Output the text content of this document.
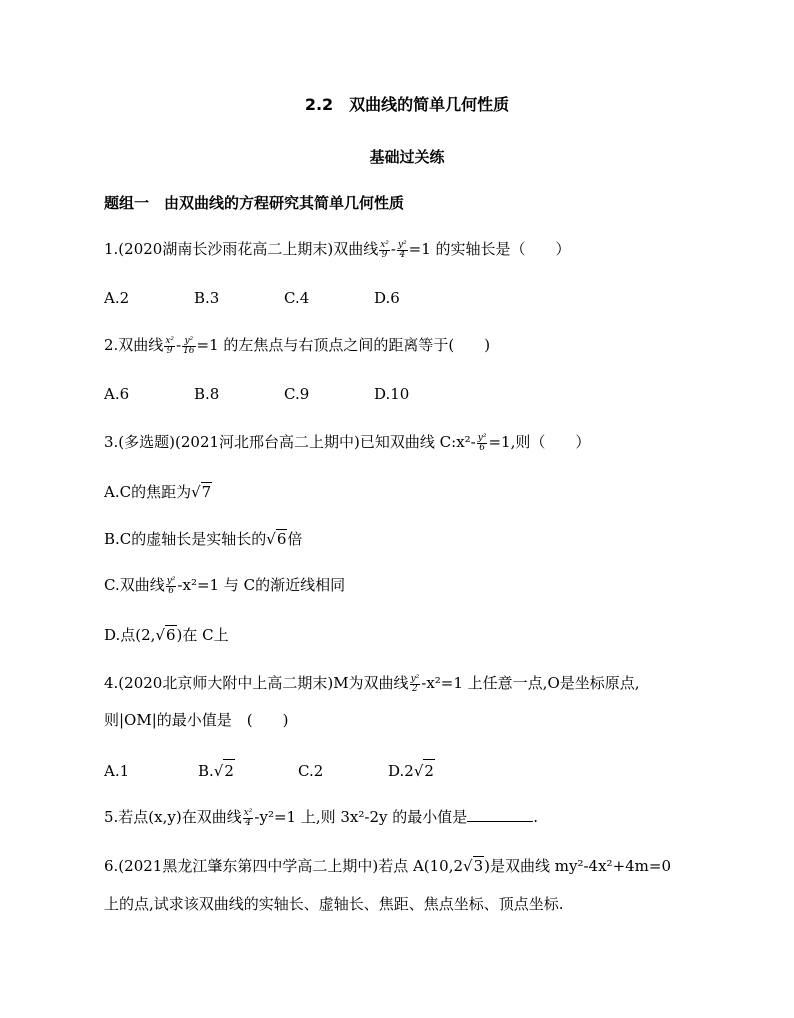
2.2　双曲线的简单几何性质
基础过关练
题组一　由双曲线的方程研究其简单几何性质
1.(2020湖南长沙雨花高二上期末)双曲线 $\frac{\text{x²}}{9} - \frac{\text{y²}}{4} =1$ 的实轴长是（　　）
A.2	B.3	C.4	D.6
2.双曲线 $\frac{\text{x²}}{9} - \frac{\text{y²}}{16} =1$ 的左焦点与右顶点之间的距离等于(　　)
A.6	B.8	C.9	D.10
3.(多选题)(2021河北邢台高二上期中)已知双曲线 C:x²- $\frac{\text{y²}}{6} =1$,则（　　）
A.C的焦距为√7
B.C的虚轴长是实轴长的√6倍
C.双曲线 $\frac{\text{y²}}{6} -x^2=1$ 与 C的渐近线相同
D.点(2,√6)在 C上
4.(2020北京师大附中上高二期末)M为双曲线 $\frac{\text{y²}}{2} -x^2=1$ 上任意一点,O是坐标原点,
则|OM|的最小值是　(　　)
A.1	B.√2	C.2	D.2√2
5.若点(x,y)在双曲线 $\frac{\text{x²}}{4} -y^2=1$ 上,则 3x²-2y 的最小值是	.
6.(2021黑龙江肇东第四中学高二上期中)若点 A(10,2√3)是双曲线 my²-4x²+4m=0
上的点,试求该双曲线的实轴长、虚轴长、焦距、焦点坐标、顶点坐标.
